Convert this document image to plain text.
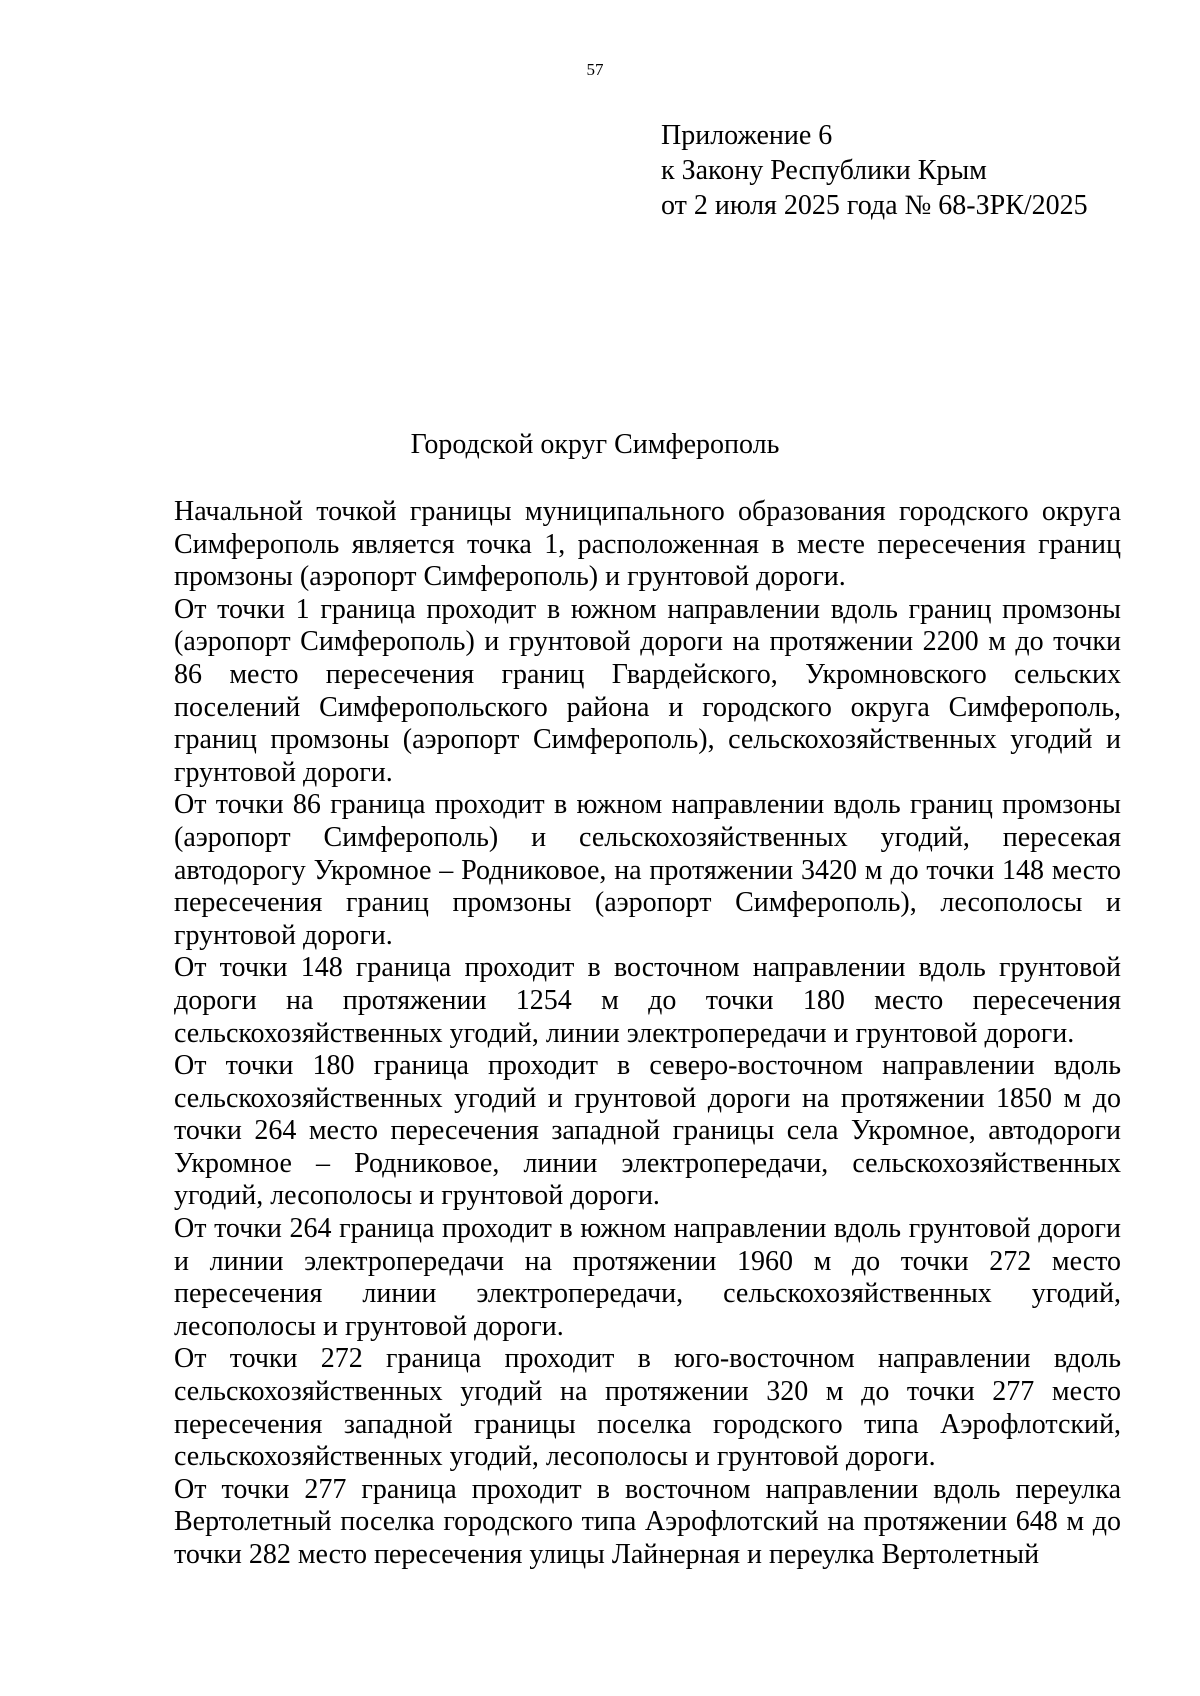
57
Приложение 6
к Закону Республики Крым
от 2 июля 2025 года № 68-ЗРК/2025
Городской округ Симферополь

Начальной точкой границы муниципального образования городского округа Симферополь является точка 1, расположенная в месте пересечения границ промзоны (аэропорт Симферополь) и грунтовой дороги.

От точки 1 граница проходит в южном направлении вдоль границ промзоны (аэропорт Симферополь) и грунтовой дороги на протяжении 2200 м до точки 86 место пересечения границ Гвардейского, Укромновского сельских поселений Симферопольского района и городского округа Симферополь, границ промзоны (аэропорт Симферополь), сельскохозяйственных угодий и грунтовой дороги.

От точки 86 граница проходит в южном направлении вдоль границ промзоны (аэропорт Симферополь) и сельскохозяйственных угодий, пересекая автодорогу Укромное – Родниковое, на протяжении 3420 м до точки 148 место пересечения границ промзоны (аэропорт Симферополь), лесополосы и грунтовой дороги.

От точки 148 граница проходит в восточном направлении вдоль грунтовой дороги на протяжении 1254 м до точки 180 место пересечения сельскохозяйственных угодий, линии электропередачи и грунтовой дороги.

От точки 180 граница проходит в северо-восточном направлении вдоль сельскохозяйственных угодий и грунтовой дороги на протяжении 1850 м до точки 264 место пересечения западной границы села Укромное, автодороги Укромное – Родниковое, линии электропередачи, сельскохозяйственных угодий, лесополосы и грунтовой дороги.

От точки 264 граница проходит в южном направлении вдоль грунтовой дороги и линии электропередачи на протяжении 1960 м до точки 272 место пересечения линии электропередачи, сельскохозяйственных угодий, лесополосы и грунтовой дороги.

От точки 272 граница проходит в юго-восточном направлении вдоль сельскохозяйственных угодий на протяжении 320 м до точки 277 место пересечения западной границы поселка городского типа Аэрофлотский, сельскохозяйственных угодий, лесополосы и грунтовой дороги.

От точки 277 граница проходит в восточном направлении вдоль переулка Вертолетный поселка городского типа Аэрофлотский на протяжении 648 м до точки 282 место пересечения улицы Лайнерная и переулка Вертолетный
